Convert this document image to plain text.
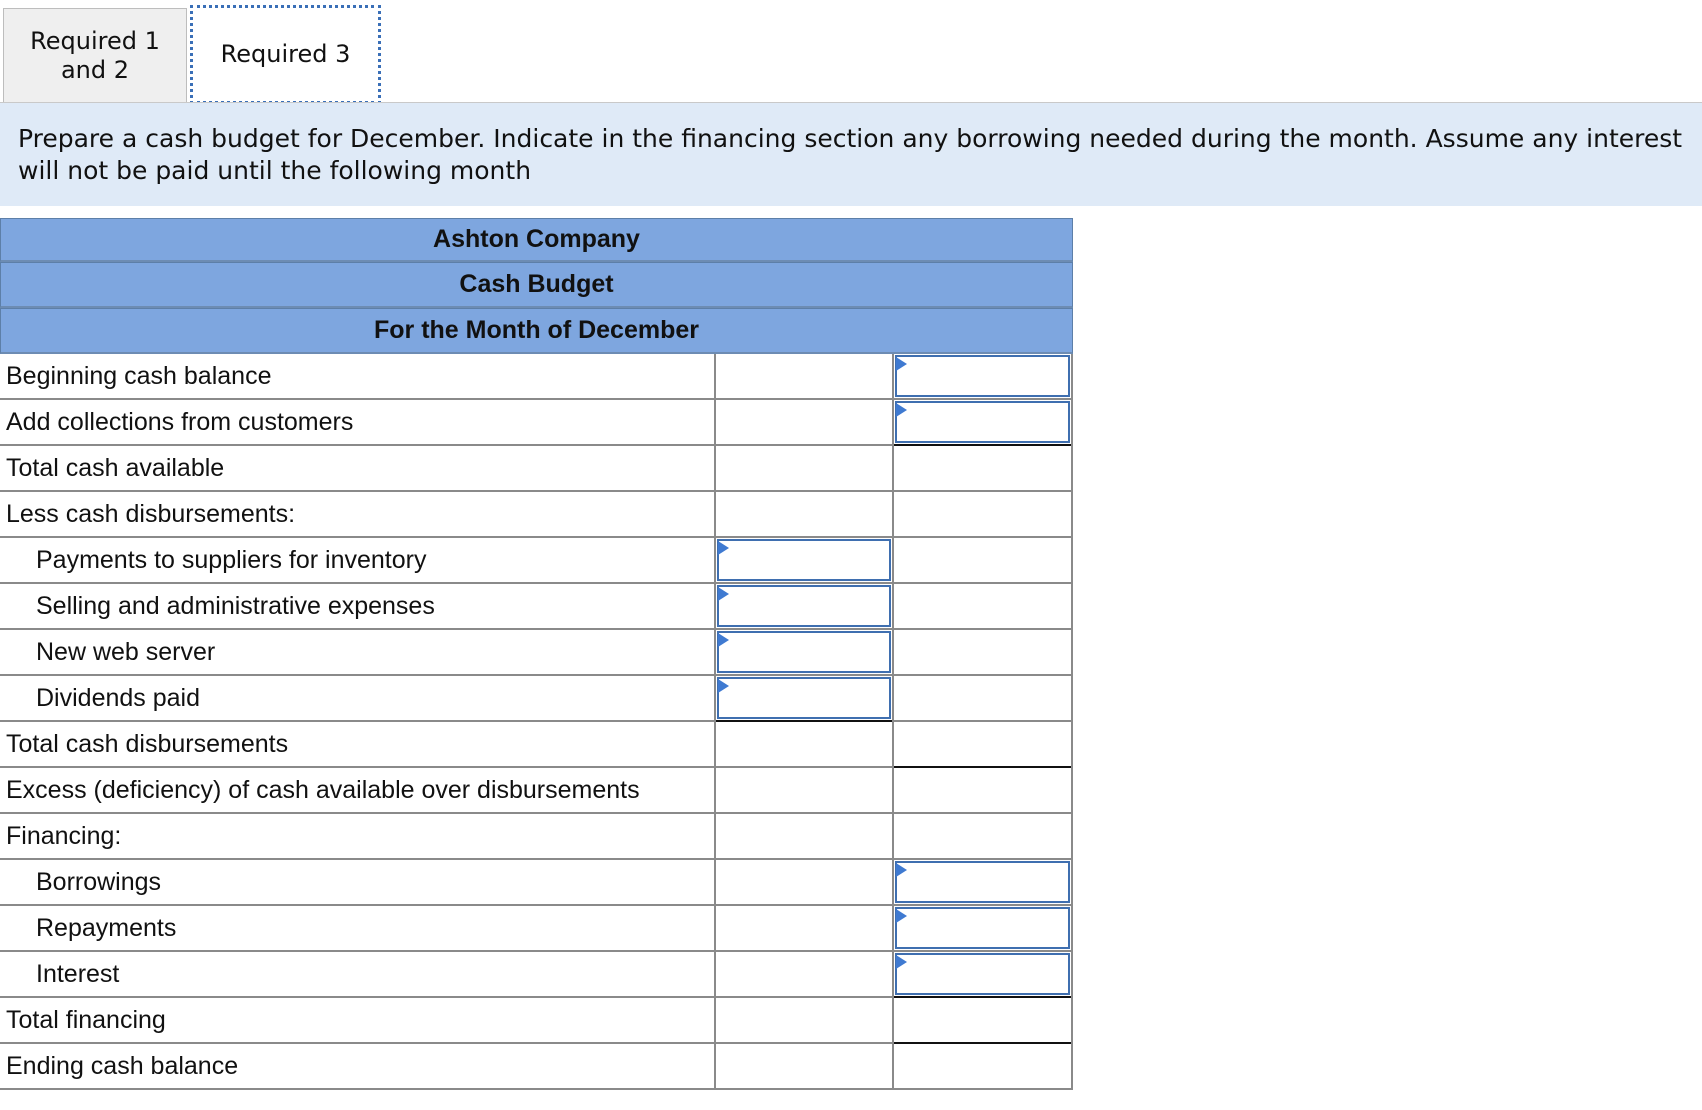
Required 1
and 2
Required 3
Prepare a cash budget for December. Indicate in the financing section any borrowing needed during the month. Assume any interest will not be paid until the following month
Ashton Company
Cash Budget
For the Month of December
Beginning cash balance
Add collections from customers
Total cash available
Less cash disbursements:
Payments to suppliers for inventory
Selling and administrative expenses
New web server
Dividends paid
Total cash disbursements
Excess (deficiency) of cash available over disbursements
Financing:
Borrowings
Repayments
Interest
Total financing
Ending cash balance
